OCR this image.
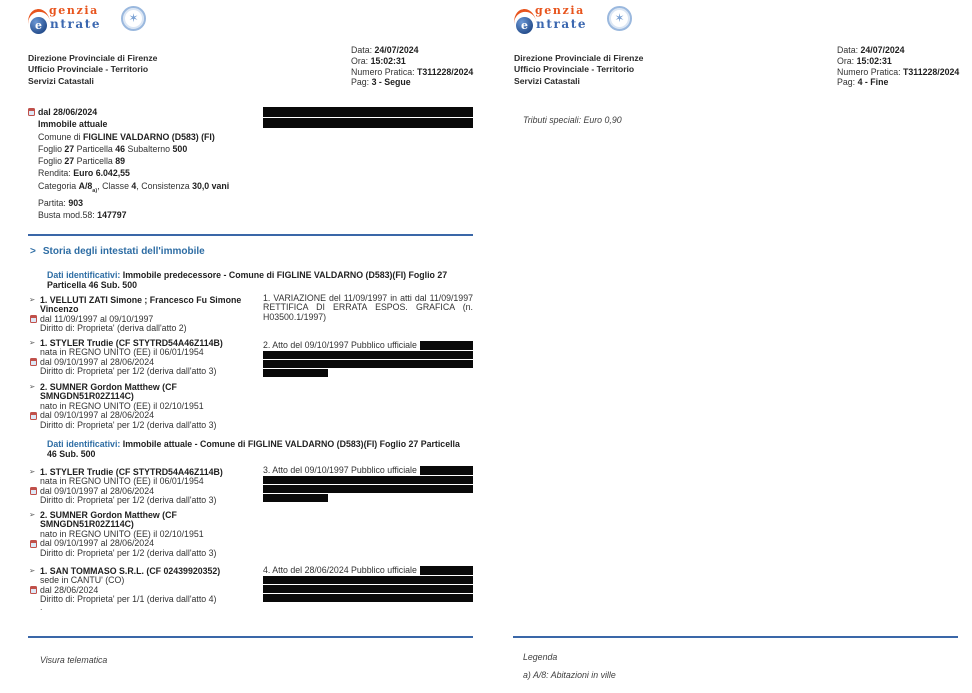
e
genzia
ntrate	✶
Direzione Provinciale di Firenze
Ufficio Provinciale - Territorio
Servizi Catastali
Data: 24/07/2024
Ora: 15:02:31
Numero Pratica: T311228/2024
Pag: 3 - Segue
dal 28/06/2024
Immobile attuale
Comune di FIGLINE VALDARNO (D583) (FI)
Foglio 27 Particella 46 Subalterno 500
Foglio 27 Particella 89
Rendita: Euro 6.042,55
Categoria $A/8_{a)}$, Classe 4, Consistenza 30,0 vani
Partita: 903
Busta mod.58: 147797
> Storia degli intestati dell'immobile
Dati identificativi: Immobile predecessore - Comune di FIGLINE VALDARNO (D583)(FI) Foglio 27 Particella 46 Sub. 500
➢ 1. VELLUTI ZATI Simone ; Francesco Fu Simone Vincenzo
dal 11/09/1997 al 09/10/1997
Diritto di: Proprieta' (deriva dall'atto 2)
➢ 1. STYLER Trudie (CF STYTRD54A46Z114B)
nata in REGNO UNITO (EE) il 06/01/1954
dal 09/10/1997 al 28/06/2024
Diritto di: Proprieta' per 1/2 (deriva dall'atto 3)
➢ 2. SUMNER Gordon Matthew (CF SMNGDN51R02Z114C)
nato in REGNO UNITO (EE) il 02/10/1951
dal 09/10/1997 al 28/06/2024
Diritto di: Proprieta' per 1/2 (deriva dall'atto 3)
Dati identificativi: Immobile attuale - Comune di FIGLINE VALDARNO (D583)(FI) Foglio 27 Particella 46 Sub. 500
➢ 1. STYLER Trudie (CF STYTRD54A46Z114B)
nata in REGNO UNITO (EE) il 06/01/1954
dal 09/10/1997 al 28/06/2024
Diritto di: Proprieta' per 1/2 (deriva dall'atto 3)
➢ 2. SUMNER Gordon Matthew (CF SMNGDN51R02Z114C)
nato in REGNO UNITO (EE) il 02/10/1951
dal 09/10/1997 al 28/06/2024
Diritto di: Proprieta' per 1/2 (deriva dall'atto 3)
➢ 1. SAN TOMMASO S.R.L. (CF 02439920352)
sede in CANTU' (CO)
dal 28/06/2024
Diritto di: Proprieta' per 1/1 (deriva dall'atto 4)
1. VARIAZIONE del 11/09/1997 in atti dal 11/09/1997 RETTIFICA DI ERRATA ESPOS. GRAFICA (n. H03500.1/1997)
2. Atto del 09/10/1997 Pubblico ufficiale
3. Atto del 09/10/1997 Pubblico ufficiale
4. Atto del 28/06/2024 Pubblico ufficiale
.
Visura telematica
e
genzia
ntrate	✶
Direzione Provinciale di Firenze
Ufficio Provinciale - Territorio
Servizi Catastali
Data: 24/07/2024
Ora: 15:02:31
Numero Pratica: T311228/2024
Pag: 4 - Fine
Tributi speciali: Euro 0,90
Legenda
a) A/8: Abitazioni in ville
